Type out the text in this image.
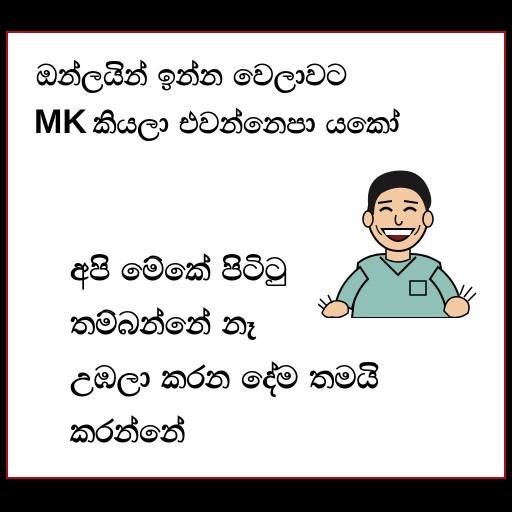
ඔන්ලයින් ඉන්න වෙලාවට
MK කියලා එවන්නෙපා යකෝ
අපි මේකේ පිටිටු
තම්බන්නේ නෑ
උඹලා කරන දේම තමයි
කරන්නේ
